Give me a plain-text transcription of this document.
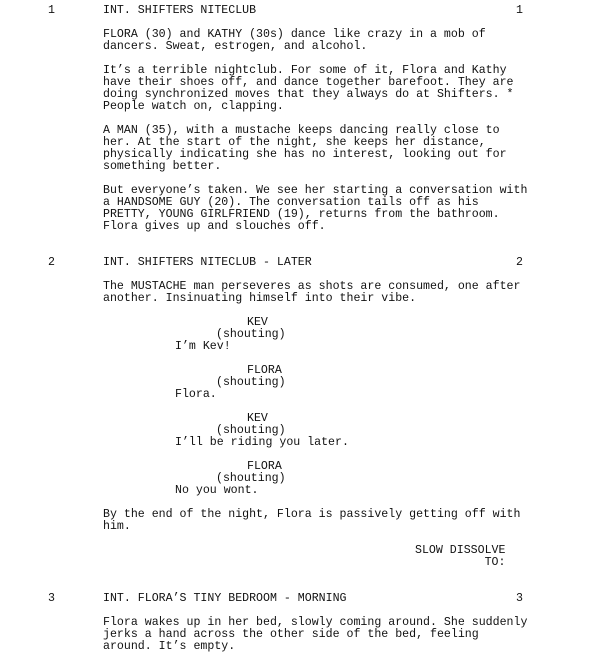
1	INT. SHIFTERS NITECLUB	1
FLORA (30) and KATHY (30s) dance like crazy in a mob of
dancers. Sweat, estrogen, and alcohol.
It’s a terrible nightclub. For some of it, Flora and Kathy
have their shoes off, and dance together barefoot. They are
doing synchronized moves that they always do at Shifters. *
People watch on, clapping.
A MAN (35), with a mustache keeps dancing really close to
her. At the start of the night, she keeps her distance,
physically indicating she has no interest, looking out for
something better.
But everyone’s taken. We see her starting a conversation with
a HANDSOME GUY (20). The conversation tails off as his
PRETTY, YOUNG GIRLFRIEND (19), returns from the bathroom.
Flora gives up and slouches off.
2	INT. SHIFTERS NITECLUB - LATER	2
The MUSTACHE man perseveres as shots are consumed, one after
another. Insinuating himself into their vibe.
KEV
(shouting)
I’m Kev!
FLORA
(shouting)
Flora.
KEV
(shouting)
I’ll be riding you later.
FLORA
(shouting)
No you wont.
By the end of the night, Flora is passively getting off with
him.
SLOW DISSOLVE
TO:
3	INT. FLORA’S TINY BEDROOM - MORNING	3
Flora wakes up in her bed, slowly coming around. She suddenly
jerks a hand across the other side of the bed, feeling
around. It’s empty.
